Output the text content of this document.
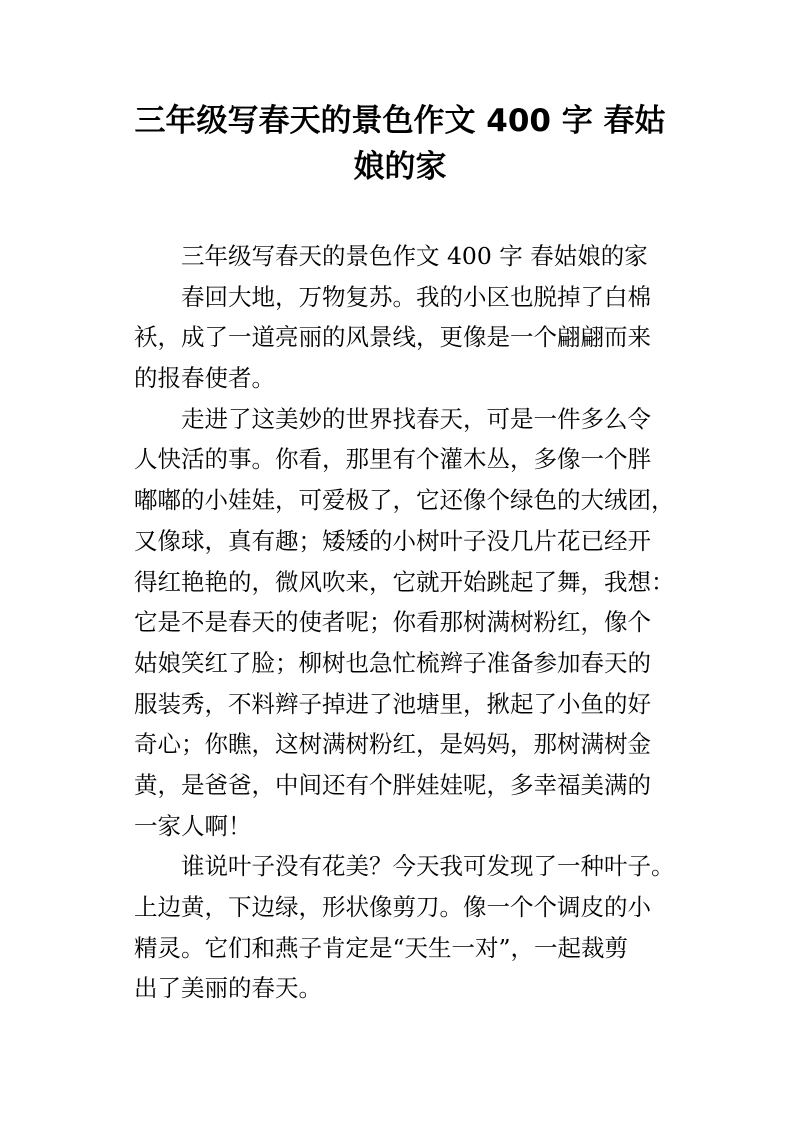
三年级写春天的景色作文 400 字 春姑
娘的家
三年级写春天的景色作文 400 字 春姑娘的家
春回大地，万物复苏。我的小区也脱掉了白棉
袄，成了一道亮丽的风景线，更像是一个翩翩而来
的报春使者。
走进了这美妙的世界找春天，可是一件多么令
人快活的事。你看，那里有个灌木丛，多像一个胖
嘟嘟的小娃娃，可爱极了，它还像个绿色的大绒团，
又像球，真有趣；矮矮的小树叶子没几片花已经开
得红艳艳的，微风吹来，它就开始跳起了舞，我想：
它是不是春天的使者呢；你看那树满树粉红，像个
姑娘笑红了脸；柳树也急忙梳辫子准备参加春天的
服装秀，不料辫子掉进了池塘里，揪起了小鱼的好
奇心；你瞧，这树满树粉红，是妈妈，那树满树金
黄，是爸爸，中间还有个胖娃娃呢，多幸福美满的
一家人啊！
谁说叶子没有花美？今天我可发现了一种叶子。
上边黄，下边绿，形状像剪刀。像一个个调皮的小
精灵。它们和燕子肯定是“天生一对”，一起裁剪
出了美丽的春天。
